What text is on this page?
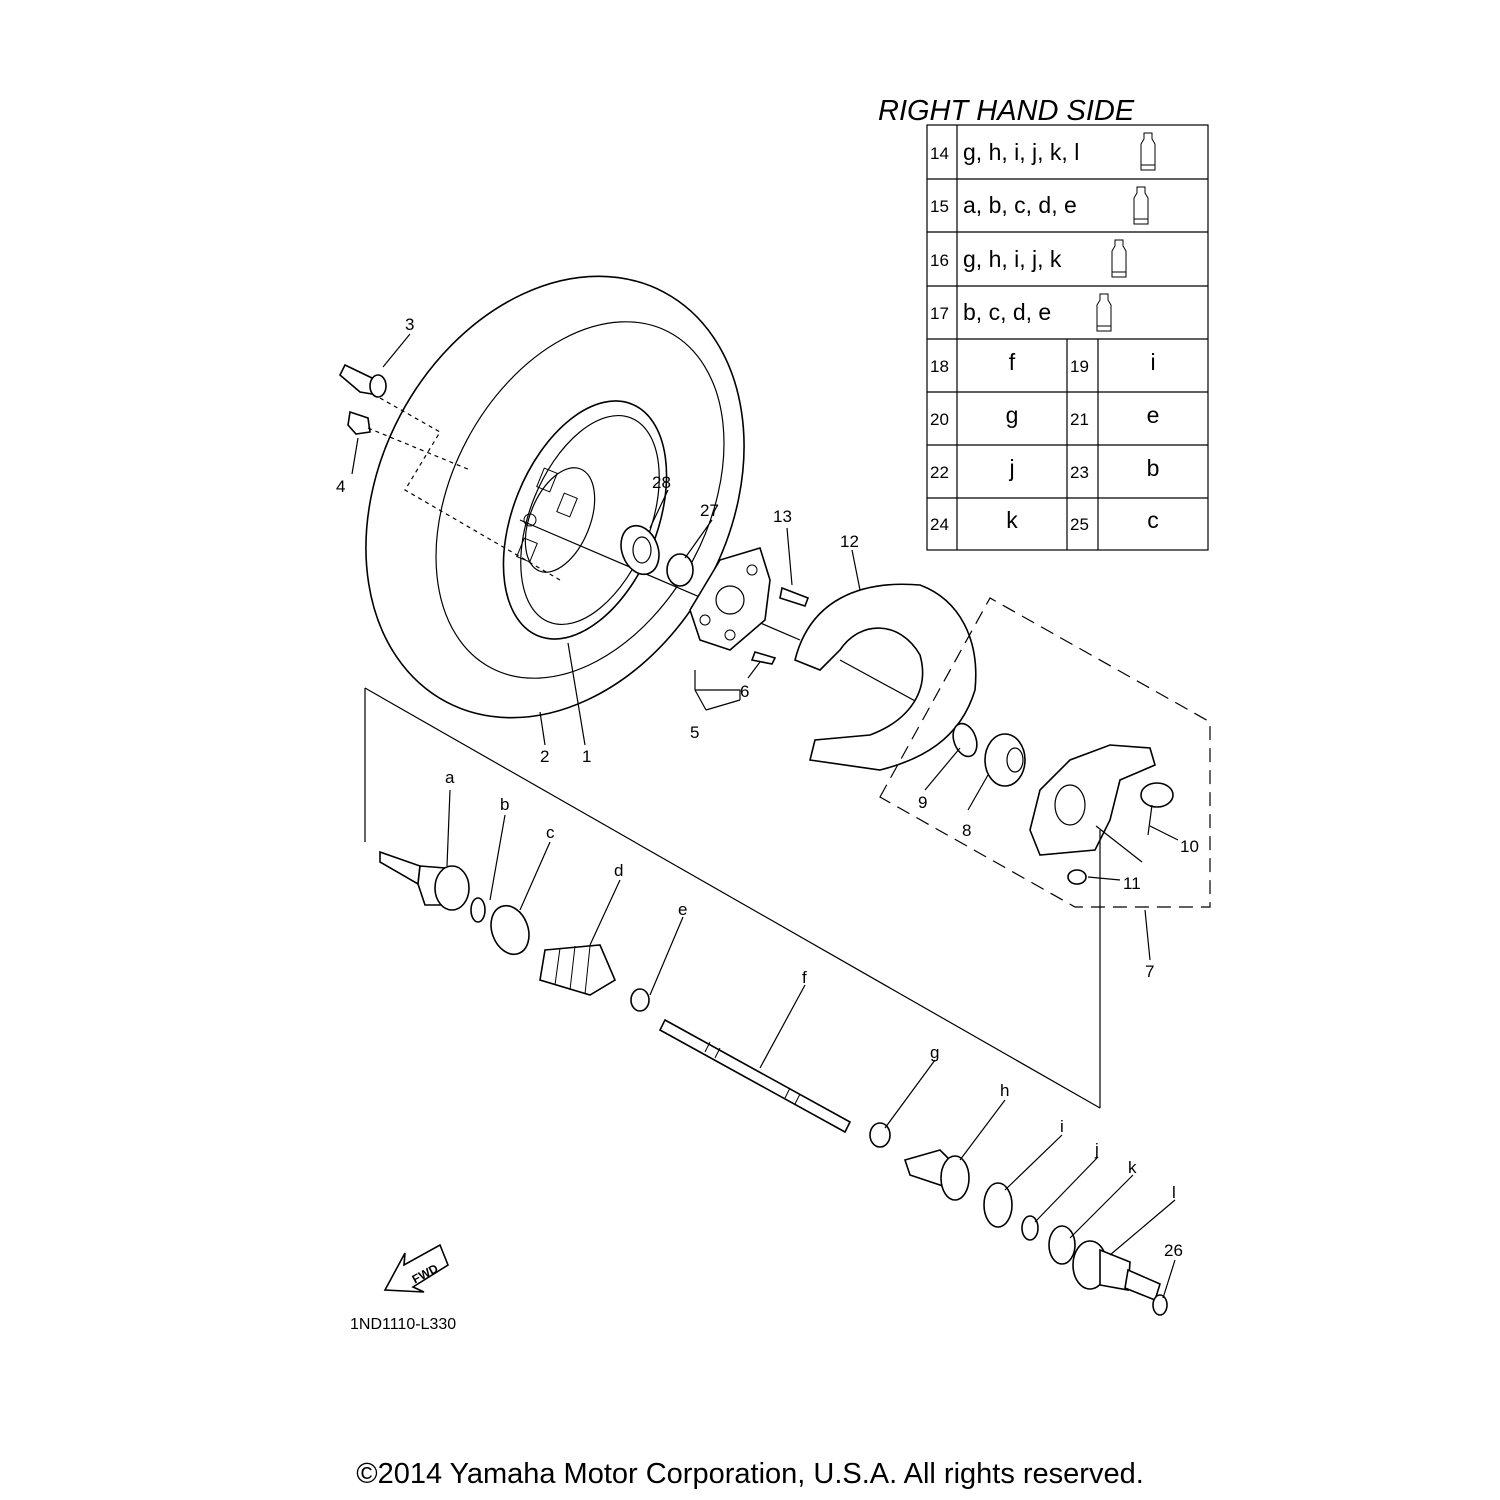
3
4	28
27	13
12
6
5
2 1
9
8
10
11
7
a
b
c
d
e
f
g
h
i
j
k
l
26
FWD
1ND1110-L330
RIGHT HAND SIDE
14 g, h, i, j, k, l
15 a, b, c, d, e
16 g, h, i, j, k
17 b, c, d, e
18	f	19	i
20 g	21	e
22	j	23	b
24 k	25	c
©2014 Yamaha Motor Corporation, U.S.A. All rights reserved.
